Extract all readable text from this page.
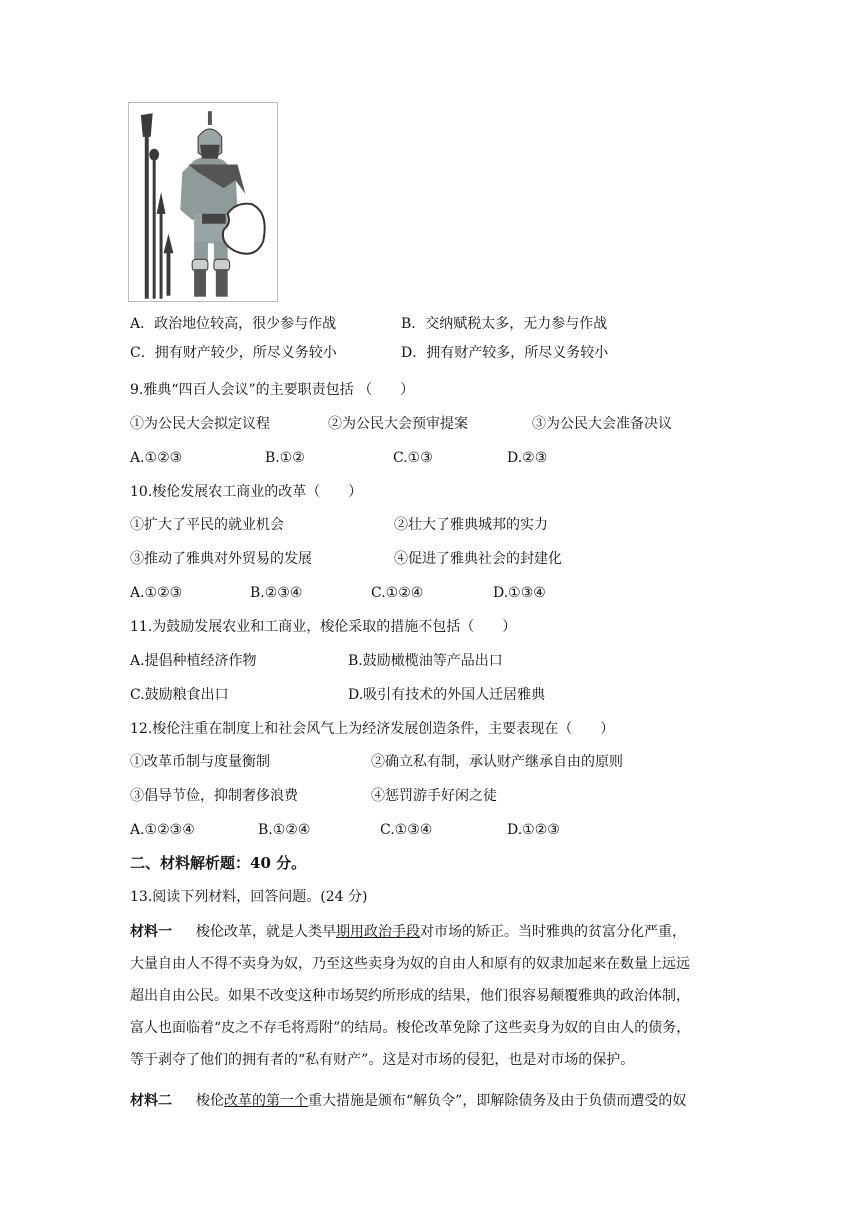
A．政治地位较高，很少参与作战	B．交纳赋税太多，无力参与作战
C．拥有财产较少，所尽义务较小	D．拥有财产较多，所尽义务较小
9.雅典“四百人会议”的主要职责包括 （　　）
①为公民大会拟定议程	②为公民大会预审提案	③为公民大会准备决议
A.①②③	B.①②	C.①③	D.②③
10.梭伦发展农工商业的改革（　　）
①扩大了平民的就业机会	②壮大了雅典城邦的实力
③推动了雅典对外贸易的发展	④促进了雅典社会的封建化
A.①②③	B.②③④	C.①②④	D.①③④
11.为鼓励发展农业和工商业，梭伦采取的措施不包括（　　）
A.提倡种植经济作物	B.鼓励橄榄油等产品出口
C.鼓励粮食出口	D.吸引有技术的外国人迁居雅典
12.梭伦注重在制度上和社会风气上为经济发展创造条件，主要表现在（　　）
①改革币制与度量衡制	②确立私有制，承认财产继承自由的原则
③倡导节俭，抑制奢侈浪费	④惩罚游手好闲之徒
A.①②③④	B.①②④	C.①③④	D.①②③
二、材料解析题：40 分。
13.阅读下列材料，回答问题。(24 分)
材料一 梭伦改革，就是人类早期用政治手段对市场的矫正。当时雅典的贫富分化严重，
大量自由人不得不卖身为奴，乃至这些卖身为奴的自由人和原有的奴隶加起来在数量上远远
超出自由公民。如果不改变这种市场契约所形成的结果，他们很容易颠覆雅典的政治体制，
富人也面临着“皮之不存毛将焉附”的结局。梭伦改革免除了这些卖身为奴的自由人的债务，
等于剥夺了他们的拥有者的“私有财产”。这是对市场的侵犯，也是对市场的保护。
材料二 梭伦改革的第一个重大措施是颁布“解负令”，即解除债务及由于负债而遭受的奴
